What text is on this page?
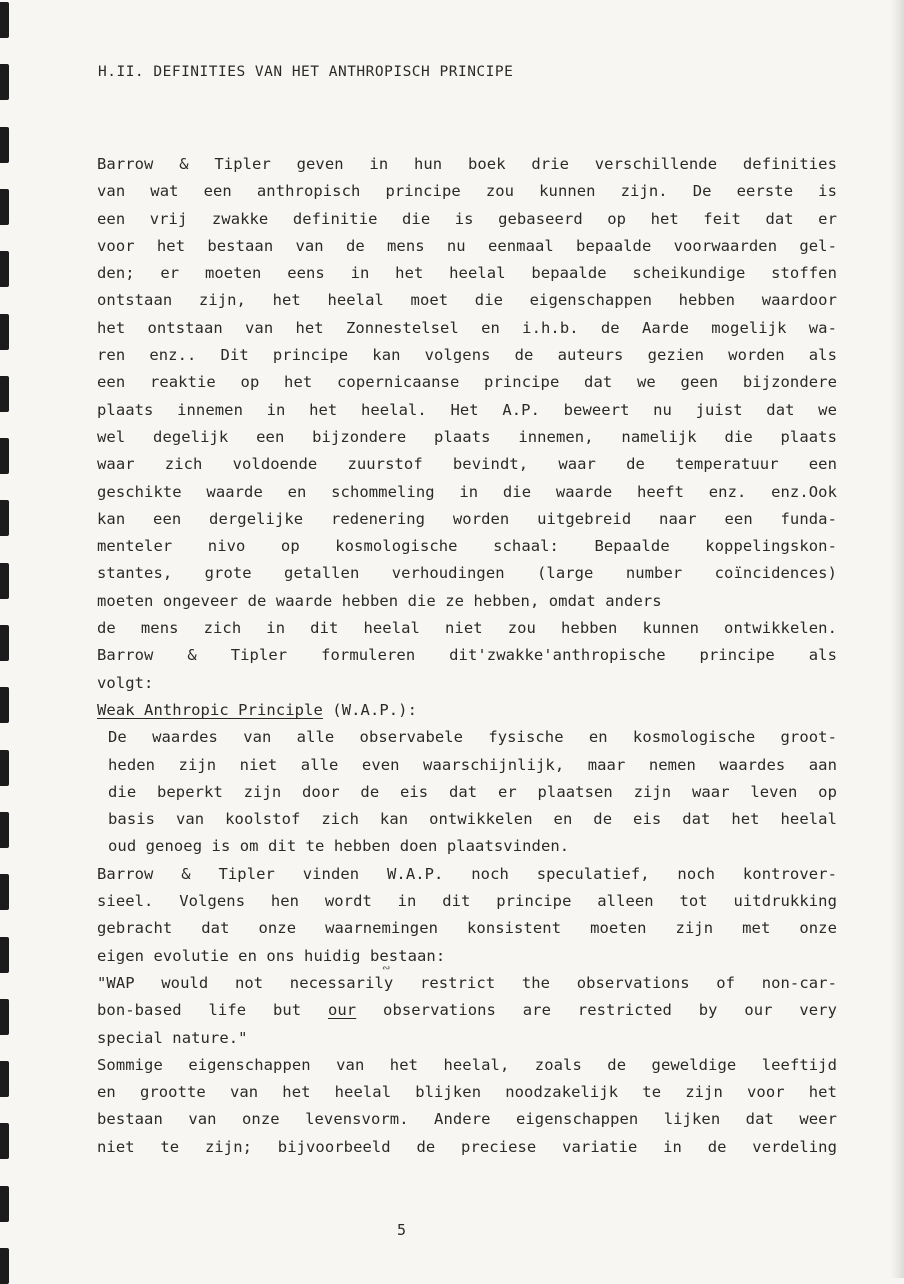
H.II. DEFINITIES VAN HET ANTHROPISCH PRINCIPE
Barrow & Tipler geven in hun boek drie verschillende definities
van wat een anthropisch principe zou kunnen zijn. De eerste is
een vrij zwakke definitie die is gebaseerd op het feit dat er
voor het bestaan van de mens nu eenmaal bepaalde voorwaarden gel-
den; er moeten eens in het heelal bepaalde scheikundige stoffen
ontstaan zijn, het heelal moet die eigenschappen hebben waardoor
het ontstaan van het Zonnestelsel en i.h.b. de Aarde mogelijk wa-
ren enz.. Dit principe kan volgens de auteurs gezien worden als
een reaktie op het copernicaanse principe dat we geen bijzondere
plaats innemen in het heelal. Het A.P. beweert nu juist dat we
wel degelijk een bijzondere plaats innemen, namelijk die plaats
waar zich voldoende zuurstof bevindt, waar de temperatuur een
geschikte waarde en schommeling in die waarde heeft enz. enz.Ook
kan een dergelijke redenering worden uitgebreid naar een funda-
menteler nivo op kosmologische schaal: Bepaalde koppelingskon-
stantes, grote getallen verhoudingen (large number coïncidences)
moeten ongeveer de waarde hebben die ze hebben, omdat anders
de mens zich in dit heelal niet zou hebben kunnen ontwikkelen.
Barrow & Tipler formuleren dit'zwakke'anthropische principe als
volgt:
Weak Anthropic Principle (W.A.P.):
De waardes van alle observabele fysische en kosmologische groot-
heden zijn niet alle even waarschijnlijk, maar nemen waardes aan
die beperkt zijn door de eis dat er plaatsen zijn waar leven op
basis van koolstof zich kan ontwikkelen en de eis dat het heelal
oud genoeg is om dit te hebben doen plaatsvinden.
Barrow & Tipler vinden W.A.P. noch speculatief, noch kontrover-
sieel. Volgens hen wordt in dit principe alleen tot uitdrukking
gebracht dat onze waarnemingen konsistent moeten zijn met onze
eigen evolutie en ons huidig bestaan:
"WAP would not necessarily restrict the observations of non-car-
bon-based life but our observations are restricted by our very
special nature."
Sommige eigenschappen van het heelal, zoals de geweldige leeftijd
en grootte van het heelal blijken noodzakelijk te zijn voor het
bestaan van onze levensvorm. Andere eigenschappen lijken dat weer
niet te zijn; bijvoorbeeld de preciese variatie in de verdeling
∾
5
